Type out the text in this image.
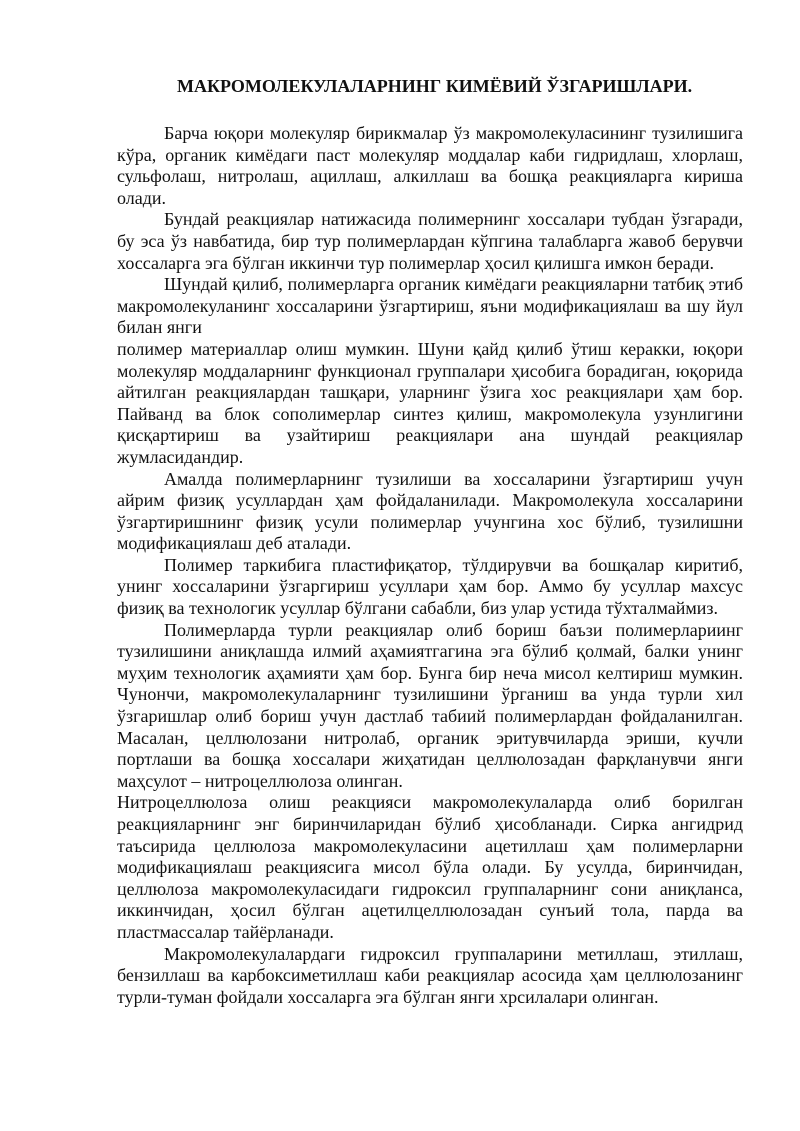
МАКРОМОЛЕКУЛАЛАРНИНГ КИМЁВИЙ ЎЗГАРИШЛАРИ.

Барча юқори молекуляр бирикмалар ўз макромолекуласининг тузилишига кўра, органик кимёдаги паст молекуляр моддалар каби гидридлаш, хлорлаш, сульфолаш, нитролаш, ациллаш, алкиллаш ва бошқа реакцияларга кириша олади.

Бундай реакциялар натижасида полимернинг хоссалари тубдан ўзгаради, бу эса ўз навбатида, бир тур полимерлардан кўпгина талабларга жавоб берувчи хоссаларга эга бўлган иккинчи тур полимерлар ҳосил қилишга имкон беради.

Шундай қилиб, полимерларга органик кимёдаги реакцияларни татбиқ этиб макромолекуланинг хоссаларини ўзгартириш, яъни модификациялаш ва шу йул билан янги

полимер материаллар олиш мумкин. Шуни қайд қилиб ўтиш керакки, юқори молекуляр моддаларнинг функционал группалари ҳисобига борадиган, юқорида айтилган реакциялардан ташқари, уларнинг ўзига хос реакциялари ҳам бор. Пайванд ва блок сополимерлар синтез қилиш, макромолекула узунлигини қисқартириш ва узайтириш реакциялари ана шундай реакциялар жумласидандир.

Амалда полимерларнинг тузилиши ва хоссаларини ўзгартириш учун айрим физиқ усуллардан ҳам фойдаланилади. Макромолекула хоссаларини ўзгартиришнинг физиқ усули полимерлар учунгина хос бўлиб, тузилишни модификациялаш деб аталади.

Полимер таркибига пластифиқатор, тўлдирувчи ва бошқалар киритиб, унинг хоссаларини ўзгаргириш усуллари ҳам бор. Аммо бу усуллар махсус физиқ ва технологик усуллар бўлгани сабабли, биз улар устида тўхталмаймиз.

Полимерларда турли реакциялар олиб бориш баъзи полимерлариинг тузилишини аниқлашда илмий аҳамиятгагина эга бўлиб қолмай, балки унинг муҳим технологик аҳамияти ҳам бор. Бунга бир неча мисол келтириш мумкин. Чунончи, макромолекулаларнинг тузилишини ўрганиш ва унда турли хил ўзгаришлар олиб бориш учун дастлаб табиий полимерлардан фойдаланилган. Масалан, целлюлозани нитролаб, органик эритувчиларда эриши, кучли портлаши ва бошқа хоссалари жиҳатидан целлюлозадан фарқланувчи янги маҳсулот – нитроцеллюлоза олинган.

Нитроцеллюлоза олиш реакцияси макромолекулаларда олиб борилган реакцияларнинг энг биринчиларидан бўлиб ҳисобланади. Сирка ангидрид таъсирида целлюлоза макромолекуласини ацетиллаш ҳам полимерларни модификациялаш реакциясига мисол бўла олади. Бу усулда, биринчидан, целлюлоза макромолекуласидаги гидроксил группаларнинг сони аниқланса, иккинчидан, ҳосил бўлган ацетилцеллюлозадан сунъий тола, парда ва пластмассалар тайёрланади.

Макромолекулалардаги гидроксил группаларини метиллаш, этиллаш, бензиллаш ва карбоксиметиллаш каби реакциялар асосида ҳам целлюлозанинг турли-туман фойдали хоссаларга эга бўлган янги хрсилалари олинган.
